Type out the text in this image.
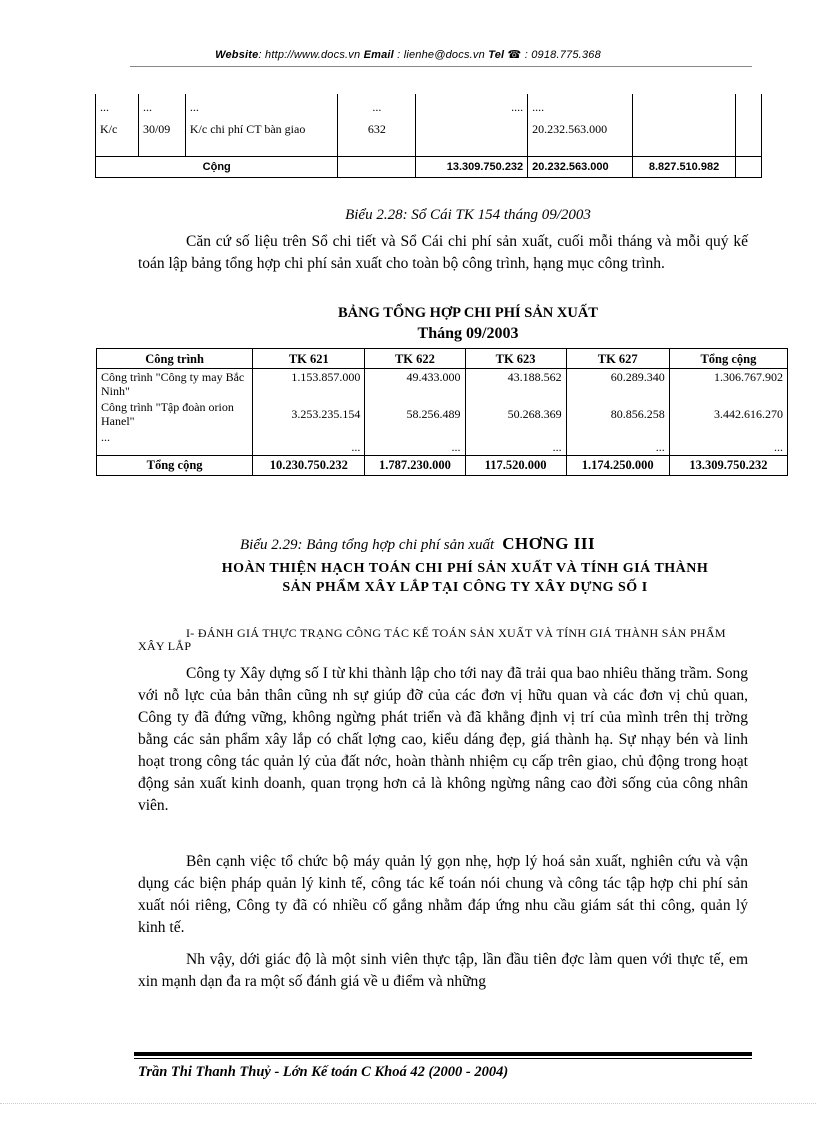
Website: http://www.docs.vn Email : lienhe@docs.vn Tel ☎ : 0918.775.368
...	...	...	...	....	....		
K/c	30/09	K/c chi phí CT bàn giao	632		20.232.563.000		
Cộng				13.309.750.232	20.232.563.000	8.827.510.982	
Biểu 2.28: Sổ Cái TK 154 tháng 09/2003
Căn cứ số liệu trên Sổ chi tiết và Sổ Cái chi phí sản xuất, cuối mỗi tháng và mỗi quý kế toán lập bảng tổng hợp chi phí sản xuất cho toàn bộ công trình, hạng mục công trình.
BẢNG TỔNG HỢP CHI PHÍ SẢN XUẤT
Tháng 09/2003
Công trình	TK 621	TK 622	TK 623	TK 627	Tổng cộng
Công trình "Công ty may Bắc Ninh"	1.153.857.000	49.433.000	43.188.562	60.289.340	1.306.767.902
Công trình "Tập đoàn orion Hanel"	3.253.235.154	58.256.489	50.268.369	80.856.258	3.442.616.270
...	...	...	...	...	...
Tổng cộng	10.230.750.232	1.787.230.000	117.520.000	1.174.250.000	13.309.750.232
Biểu 2.29: Bảng tổng hợp chi phí sản xuất CHƠNG III
HOÀN THIỆN HẠCH TOÁN CHI PHÍ SẢN XUẤT VÀ TÍNH GIÁ THÀNH
SẢN PHẨM XÂY LẮP TẠI CÔNG TY XÂY DỰNG SỐ I
I- ĐÁNH GIÁ THỰC TRẠNG CÔNG TÁC KẾ TOÁN SẢN XUẤT VÀ TÍNH GIÁ THÀNH SẢN PHẨM XÂY LẮP
Công ty Xây dựng số I từ khi thành lập cho tới nay đã trải qua bao nhiêu thăng trầm. Song với nỗ lực của bản thân cũng nh sự giúp đỡ của các đơn vị hữu quan và các đơn vị chủ quan, Công ty đã đứng vững, không ngừng phát triển và đã khẳng định vị trí của mình trên thị trờng bằng các sản phẩm xây lắp có chất lợng cao, kiểu dáng đẹp, giá thành hạ. Sự nhạy bén và linh hoạt trong công tác quản lý của đất nớc, hoàn thành nhiệm cụ cấp trên giao, chủ động trong hoạt động sản xuất kinh doanh, quan trọng hơn cả là không ngừng nâng cao đời sống của công nhân viên.
Bên cạnh việc tổ chức bộ máy quản lý gọn nhẹ, hợp lý hoá sản xuất, nghiên cứu và vận dụng các biện pháp quản lý kinh tế, công tác kế toán nói chung và công tác tập hợp chi phí sản xuất nói riêng, Công ty đã có nhiều cố gắng nhằm đáp ứng nhu cầu giám sát thi công, quản lý kinh tế.
Nh vậy, dới giác độ là một sinh viên thực tập, lần đầu tiên đợc làm quen với thực tế, em xin mạnh dạn đa ra một số đánh giá về u điểm và những
Trần Thi Thanh Thuỷ - Lớn Kế toán C Khoá 42 (2000 - 2004)
